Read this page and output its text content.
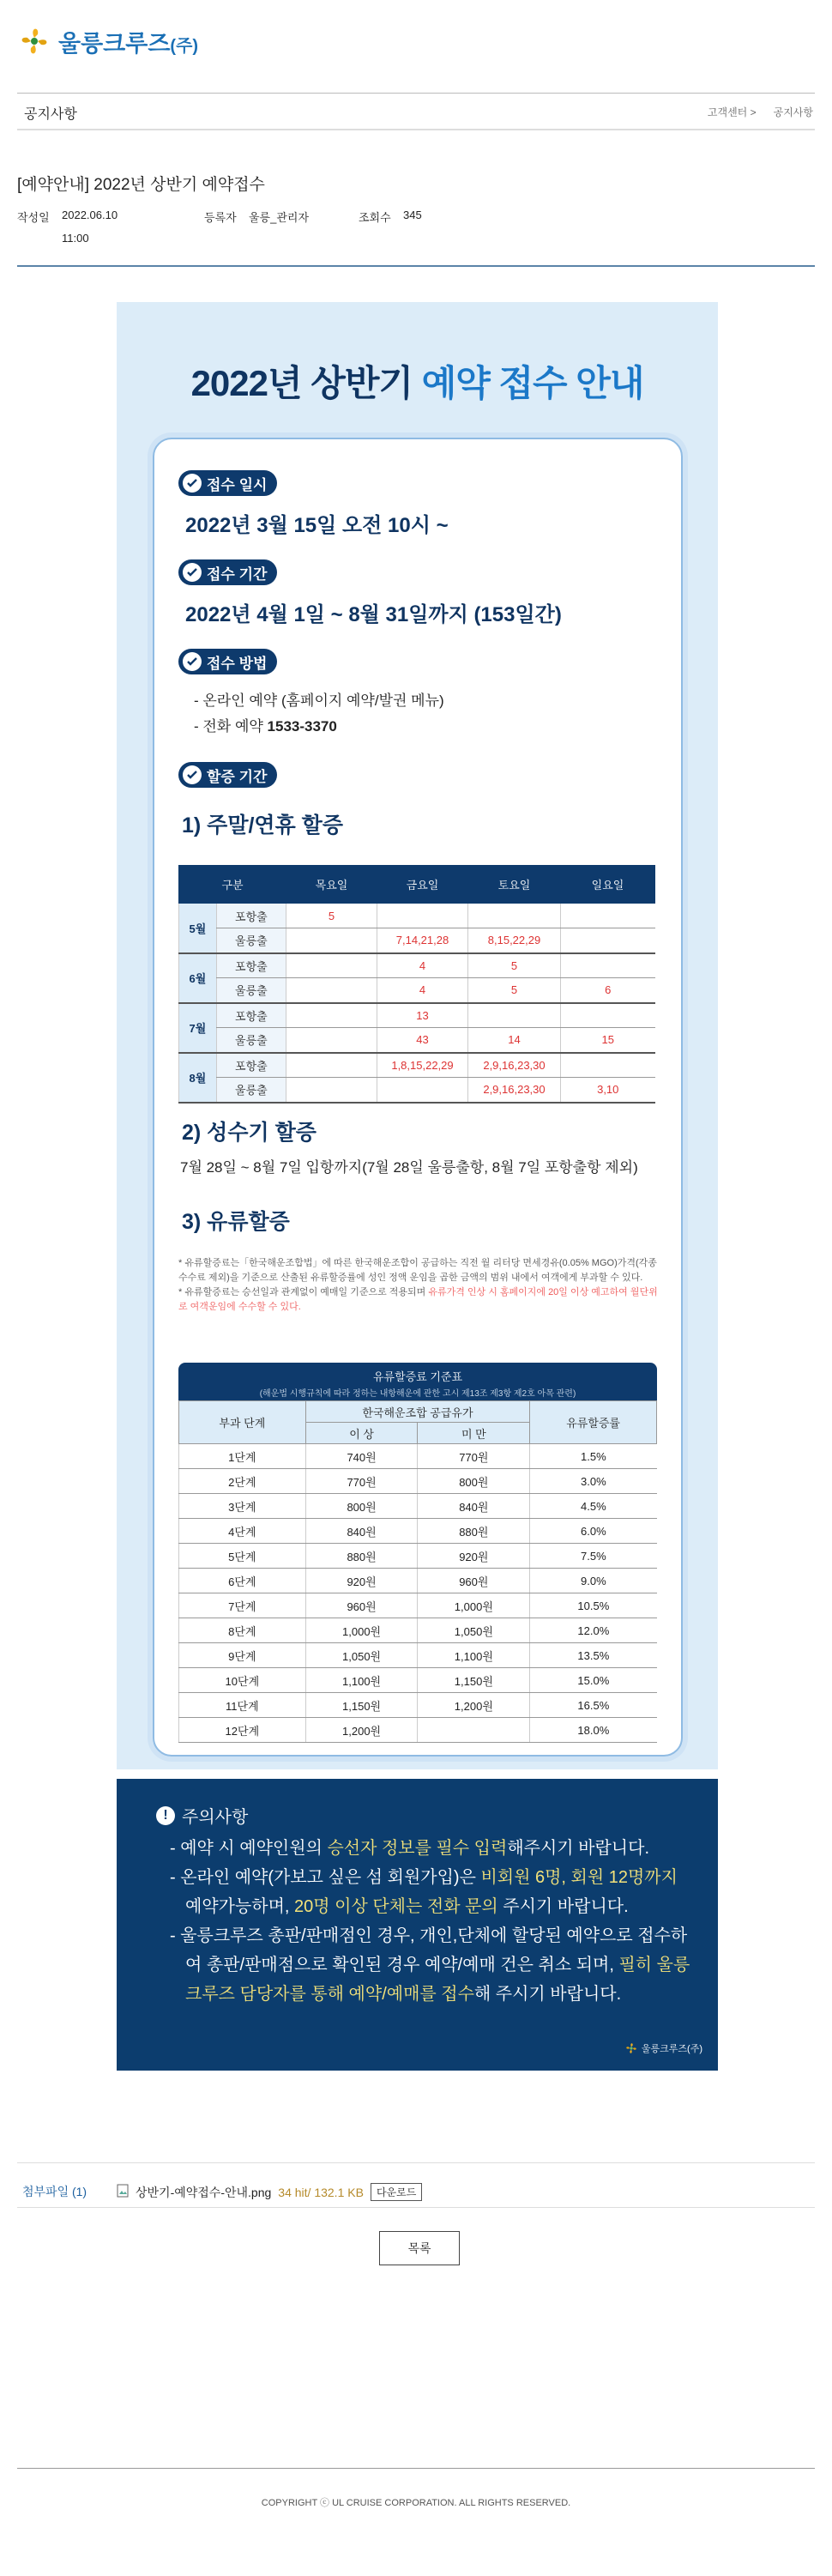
울릉크루즈(주)
공지사항	고객센터 > 공지사항
[예약안내] 2022년 상반기 예약접수
작성일 2022.06.10
11:00
등록자 울릉_관리자	조회수 345
2022년 상반기 예약 접수 안내
접수 일시
2022년 3월 15일 오전 10시 ~
접수 기간
2022년 4월 1일 ~ 8월 31일까지 (153일간)
접수 방법
- 온라인 예약 (홈페이지 예약/발권 메뉴)
- 전화 예약 1533-3370
할증 기간
1) 주말/연휴 할증
구분		목요일	금요일	토요일	일요일
5월	포항출	5			
	울릉출		7,14,21,28	8,15,22,29	
6월	포항출		4	5	
	울릉출		4	5	6
7월	포항출		13		
	울릉출		43	14	15
8월	포항출		1,8,15,22,29	2,9,16,23,30	
	울릉출			2,9,16,23,30	3,10
2) 성수기 할증
7월 28일 ~ 8월 7일 입항까지(7월 28일 울릉출항, 8월 7일 포항출항 제외)
3) 유류할증
* 유류할증료는「한국해운조합법」에 따른 한국해운조합이 공급하는 직전 월 리터당 면세경유(0.05% MGO)가격(각종 수수료 제외)을 기준으로 산출된 유류할증률에 성인 정액 운임을 곱한 금액의 범위 내에서 여객에게 부과할 수 있다.
* 유류할증료는 승선일과 관계없이 예매일 기준으로 적용되며 유류가격 인상 시 홈페이지에 20일 이상 예고하여 월단위로 여객운임에 수수할 수 있다.
유류할증료 기준표
(해운법 시행규칙에 따라 정하는 내항해운에 관한 고시 제13조 제3항 제2호 아목 관련)
부과 단계	한국해운조합 공급유가		유류할증률
	이 상	미 만	
1단계	740원	770원	1.5%
2단계	770원	800원	3.0%
3단계	800원	840원	4.5%
4단계	840원	880원	6.0%
5단계	880원	920원	7.5%
6단계	920원	960원	9.0%
7단계	960원	1,000원	10.5%
8단계	1,000원	1,050원	12.0%
9단계	1,050원	1,100원	13.5%
10단계	1,100원	1,150원	15.0%
11단계	1,150원	1,200원	16.5%
12단계	1,200원		18.0%
! 주의사항

- 예약 시 예약인원의 승선자 정보를 필수 입력해주시기 바랍니다.

- 온라인 예약(가보고 싶은 섬 회원가입)은 비회원 6명, 회원 12명까지

예약가능하며, 20명 이상 단체는 전화 문의 주시기 바랍니다.

- 울릉크루즈 총판/판매점인 경우, 개인,단체에 할당된 예약으로 접수하여 총판/판매점으로 확인된 경우 예약/예매 건은 취소 되며, 필히 울릉크루즈 담당자를 통해 예약/예매를 접수해 주시기 바랍니다.

울릉크루즈(주)
첨부파일 (1)	상반기-예약접수-안내.png 34 hit/ 132.1 KB	다운로드
목록
COPYRIGHT ⓒ UL CRUISE CORPORATION. ALL RIGHTS RESERVED.
